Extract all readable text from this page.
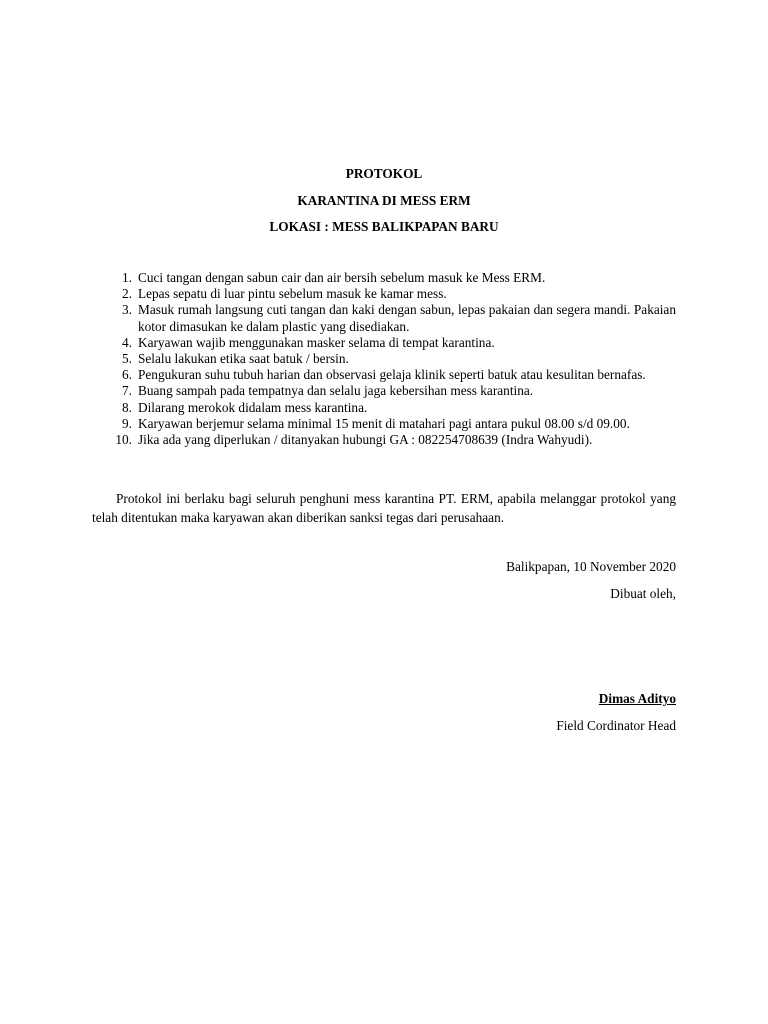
PROTOKOL
KARANTINA DI MESS ERM
LOKASI : MESS BALIKPAPAN BARU
1. Cuci tangan dengan sabun cair dan air bersih sebelum masuk ke Mess ERM.
2. Lepas sepatu di luar pintu sebelum masuk ke kamar mess.
3. Masuk rumah langsung cuti tangan dan kaki dengan sabun, lepas pakaian dan segera mandi. Pakaian kotor dimasukan ke dalam plastic yang disediakan.
4. Karyawan wajib menggunakan masker selama di tempat karantina.
5. Selalu lakukan etika saat batuk / bersin.
6. Pengukuran suhu tubuh harian dan observasi gelaja klinik seperti batuk atau kesulitan bernafas.
7. Buang sampah pada tempatnya dan selalu jaga kebersihan mess karantina.
8. Dilarang merokok didalam mess karantina.
9. Karyawan berjemur selama minimal 15 menit di matahari pagi antara pukul 08.00 s/d 09.00.
10. Jika ada yang diperlukan / ditanyakan hubungi GA : 082254708639 (Indra Wahyudi).

Protokol ini berlaku bagi seluruh penghuni mess karantina PT. ERM, apabila melanggar protokol yang telah ditentukan maka karyawan akan diberikan sanksi tegas dari perusahaan.

Balikpapan, 10 November 2020
Dibuat oleh,
Dimas Adityo
Field Cordinator Head
